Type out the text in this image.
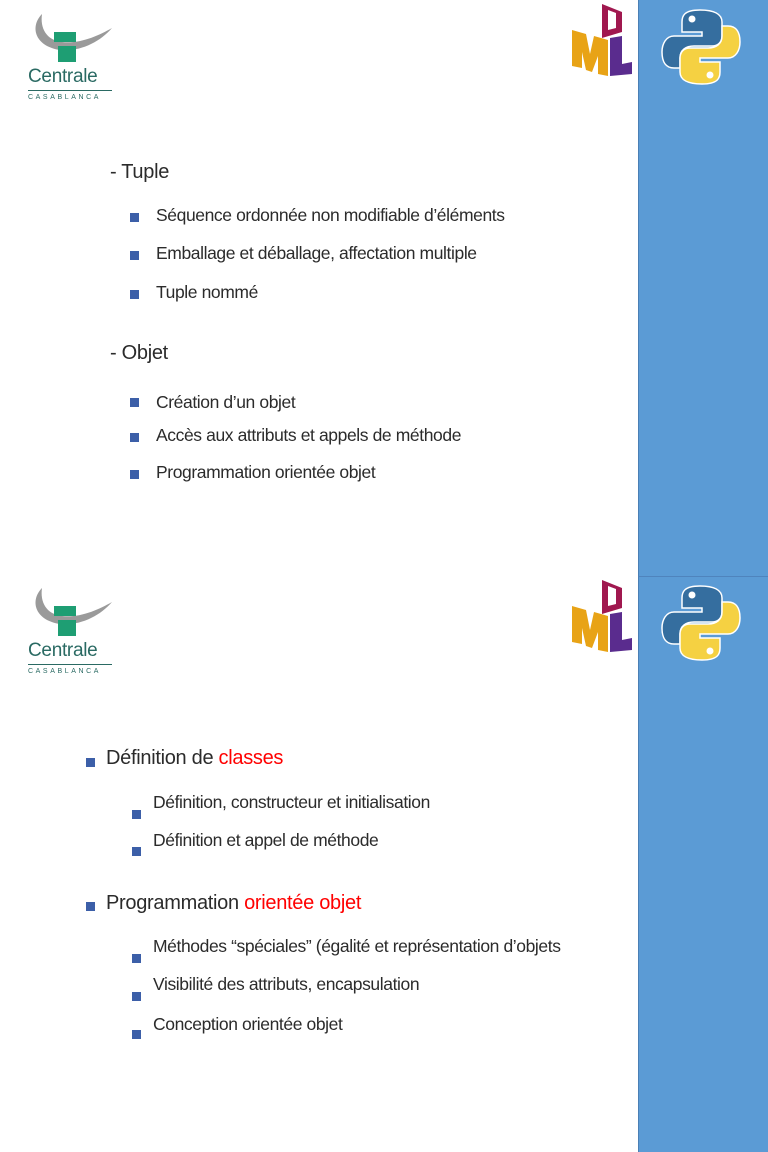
Centrale
CASABLANCA
- Tuple
Séquence ordonnée non modifiable d’éléments
Emballage et déballage, affectation multiple
Tuple nommé
- Objet
Création d’un objet
Accès aux attributs et appels de méthode
Programmation orientée objet
Centrale
CASABLANCA
Définition de classes
Définition, constructeur et initialisation
Définition et appel de méthode
Programmation orientée objet
Méthodes “spéciales” (égalité et représentation d’objets
Visibilité des attributs, encapsulation
Conception orientée objet
